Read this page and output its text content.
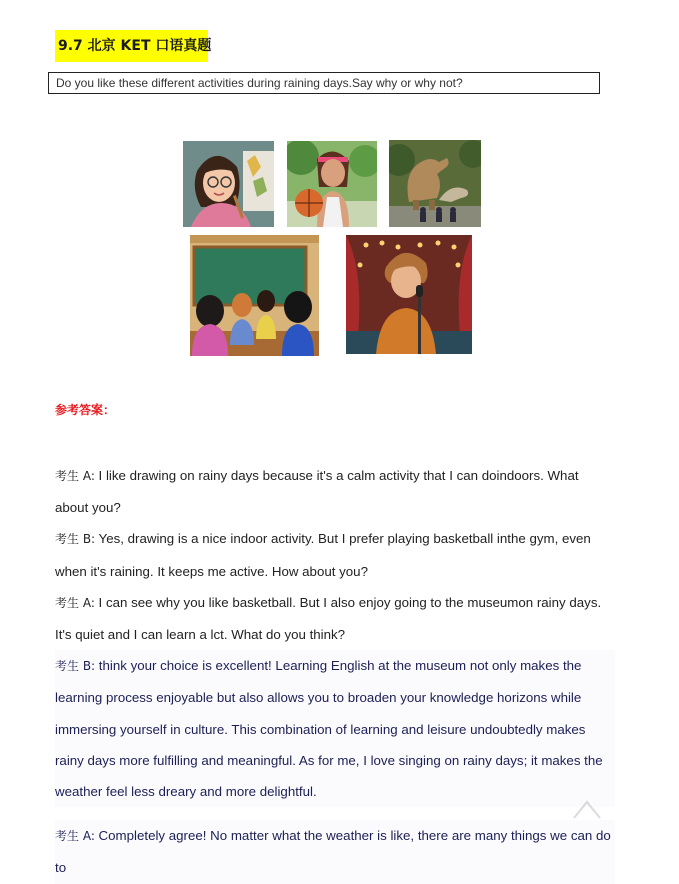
9.7 北京 KET 口语真题
Do you like these different activities during raining days.Say why or why not?
参考答案：

考生 A: I like drawing on rainy days because it's a calm activity that I can doindoors. What about you?

考生 B: Yes, drawing is a nice indoor activity. But I prefer playing basketball inthe gym, even when it's raining. It keeps me active. How about you?

考生 A: I can see why you like basketball. But I also enjoy going to the museumon rainy days. It's quiet and I can learn a lct. What do you think?

考生 B: think your choice is excellent! Learning English at the museum not only makes the learning process enjoyable but also allows you to broaden your knowledge horizons while immersing yourself in culture. This combination of learning and leisure undoubtedly makes rainy days more fulfilling and meaningful. As for me, I love singing on rainy days; it makes the weather feel less dreary and more delightful.

考生 A: Completely agree! No matter what the weather is like, there are many things we can do to
